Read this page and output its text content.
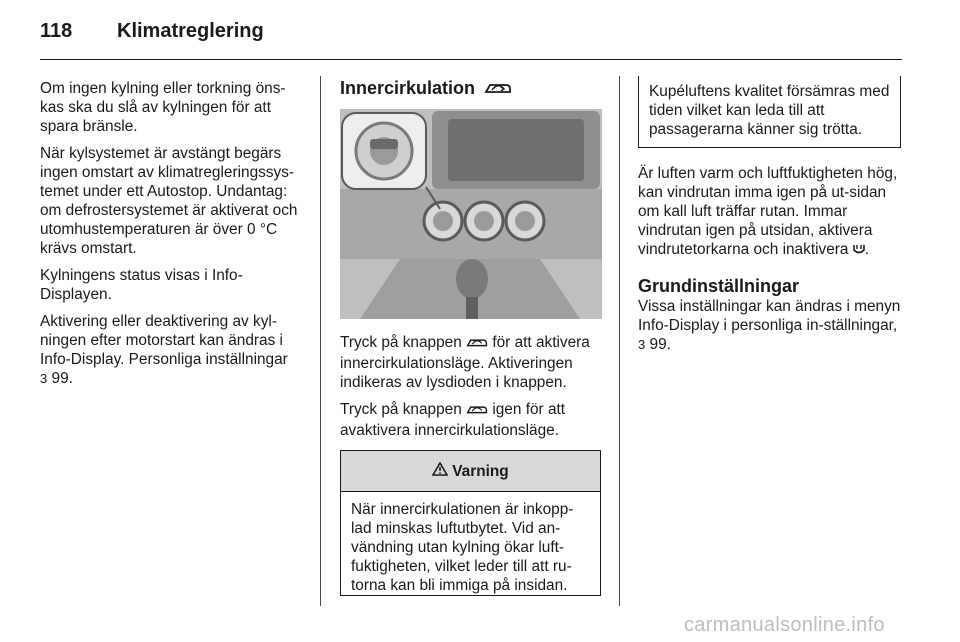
118 Klimatreglering

Om ingen kylning eller torkning öns-kas ska du slå av kylningen för att spara bränsle.

När kylsystemet är avstängt begärs ingen omstart av klimatregleringssys-temet under ett Autostop. Undantag: om defrostersystemet är aktiverat och utomhustemperaturen är över 0 °C krävs omstart.

Kylningens status visas i Info-Displayen.

Aktivering eller deaktivering av kyl-ningen efter motorstart kan ändras i Info-Display. Personliga inställningar
3 99.

Innercirkulation

Tryck på knappen för att aktivera innercirkulationsläge. Aktiveringen indikeras av lysdioden i knappen.

Tryck på knappen igen för att avaktivera innercirkulationsläge.

Varning
När innercirkulationen är inkopp-lad minskas luftutbytet. Vid an-vändning utan kylning ökar luft-fuktigheten, vilket leder till att ru-torna kan bli immiga på insidan.
Kupéluftens kvalitet försämras med tiden vilket kan leda till att passagerarna känner sig trötta.

Är luften varm och luftfuktigheten hög, kan vindrutan imma igen på ut-sidan om kall luft träffar rutan. Immar vindrutan igen på utsidan, aktivera vindrutetorkarna och inaktivera .

Grundinställningar

Vissa inställningar kan ändras i menyn Info-Display i personliga in-ställningar, 3 99.

carmanualsonline.info
